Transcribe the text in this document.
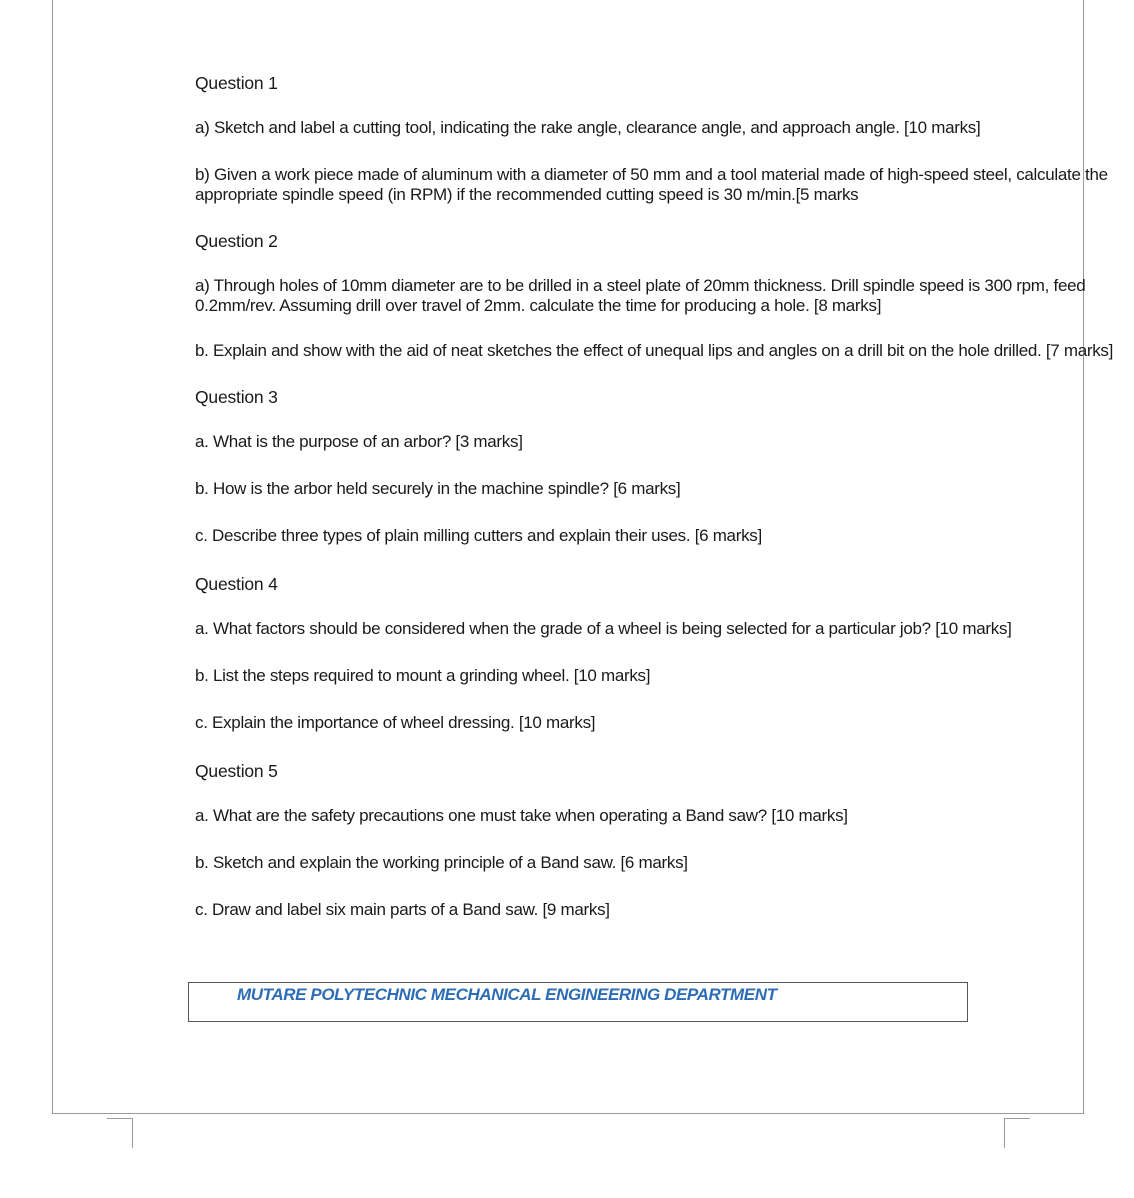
Question 1
a) Sketch and label a cutting tool, indicating the rake angle, clearance angle, and approach angle. [10 marks]
b) Given a work piece made of aluminum with a diameter of 50 mm and a tool material made of high-speed steel, calculate the appropriate spindle speed (in RPM) if the recommended cutting speed is 30 m/min.[5 marks
Question 2
a) Through holes of 10mm diameter are to be drilled in a steel plate of 20mm thickness. Drill spindle speed is 300 rpm, feed 0.2mm/rev. Assuming drill over travel of 2mm. calculate the time for producing a hole. [8 marks]
b. Explain and show with the aid of neat sketches the effect of unequal lips and angles on a drill bit on the hole drilled. [7 marks]
Question 3
a. What is the purpose of an arbor? [3 marks]
b. How is the arbor held securely in the machine spindle? [6 marks]
c. Describe three types of plain milling cutters and explain their uses. [6 marks]
Question 4
a. What factors should be considered when the grade of a wheel is being selected for a particular job? [10 marks]
b. List the steps required to mount a grinding wheel. [10 marks]
c. Explain the importance of wheel dressing. [10 marks]
Question 5
a. What are the safety precautions one must take when operating a Band saw? [10 marks]
b. Sketch and explain the working principle of a Band saw. [6 marks]
c. Draw and label six main parts of a Band saw. [9 marks]
MUTARE POLYTECHNIC MECHANICAL ENGINEERING DEPARTMENT
